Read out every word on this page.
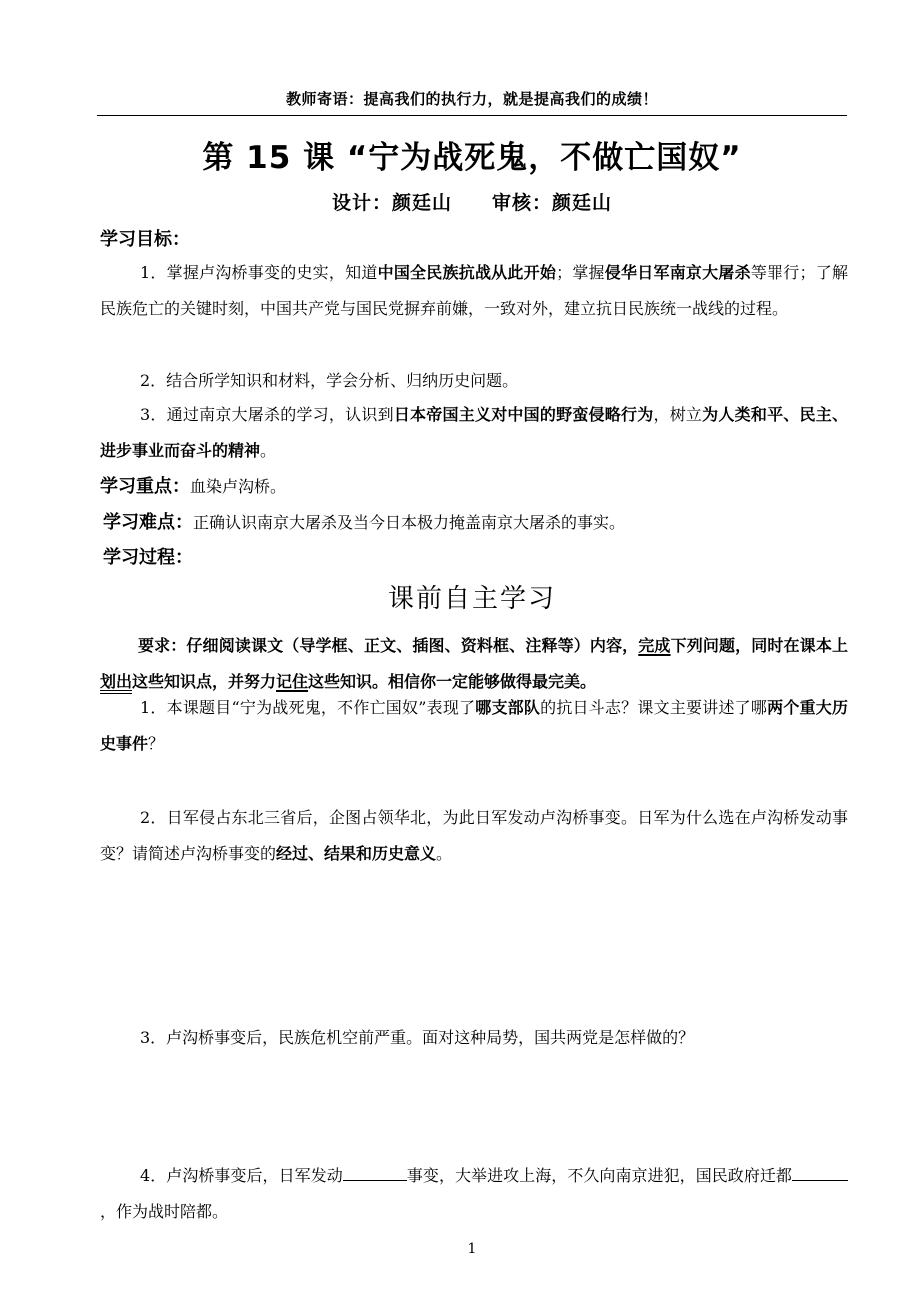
教师寄语：提高我们的执行力，就是提高我们的成绩！
第 15 课 “宁为战死鬼，不做亡国奴”
设计：颜廷山 审核：颜廷山
学习目标：
1．掌握卢沟桥事变的史实，知道中国全民族抗战从此开始；掌握侵华日军南京大屠杀等罪行；了解民族危亡的关键时刻，中国共产党与国民党摒弃前嫌，一致对外，建立抗日民族统一战线的过程。
2．结合所学知识和材料，学会分析、归纳历史问题。
3．通过南京大屠杀的学习，认识到日本帝国主义对中国的野蛮侵略行为，树立为人类和平、民主、进步事业而奋斗的精神。
学习重点：血染卢沟桥。
学习难点：正确认识南京大屠杀及当今日本极力掩盖南京大屠杀的事实。
学习过程：
课前自主学习
要求：仔细阅读课文（导学框、正文、插图、资料框、注释等）内容，完成下列问题，同时在课本上划出这些知识点，并努力记住这些知识。相信你一定能够做得最完美。
1．本课题目“宁为战死鬼，不作亡国奴”表现了哪支部队的抗日斗志？课文主要讲述了哪两个重大历史事件？
2．日军侵占东北三省后，企图占领华北，为此日军发动卢沟桥事变。日军为什么选在卢沟桥发动事变？请简述卢沟桥事变的经过、结果和历史意义。
3．卢沟桥事变后，民族危机空前严重。面对这种局势，国共两党是怎样做的？
4．卢沟桥事变后，日军发动	事变，大举进攻上海，不久向南京进犯，国民政府迁都，作为战时陪都。
1
